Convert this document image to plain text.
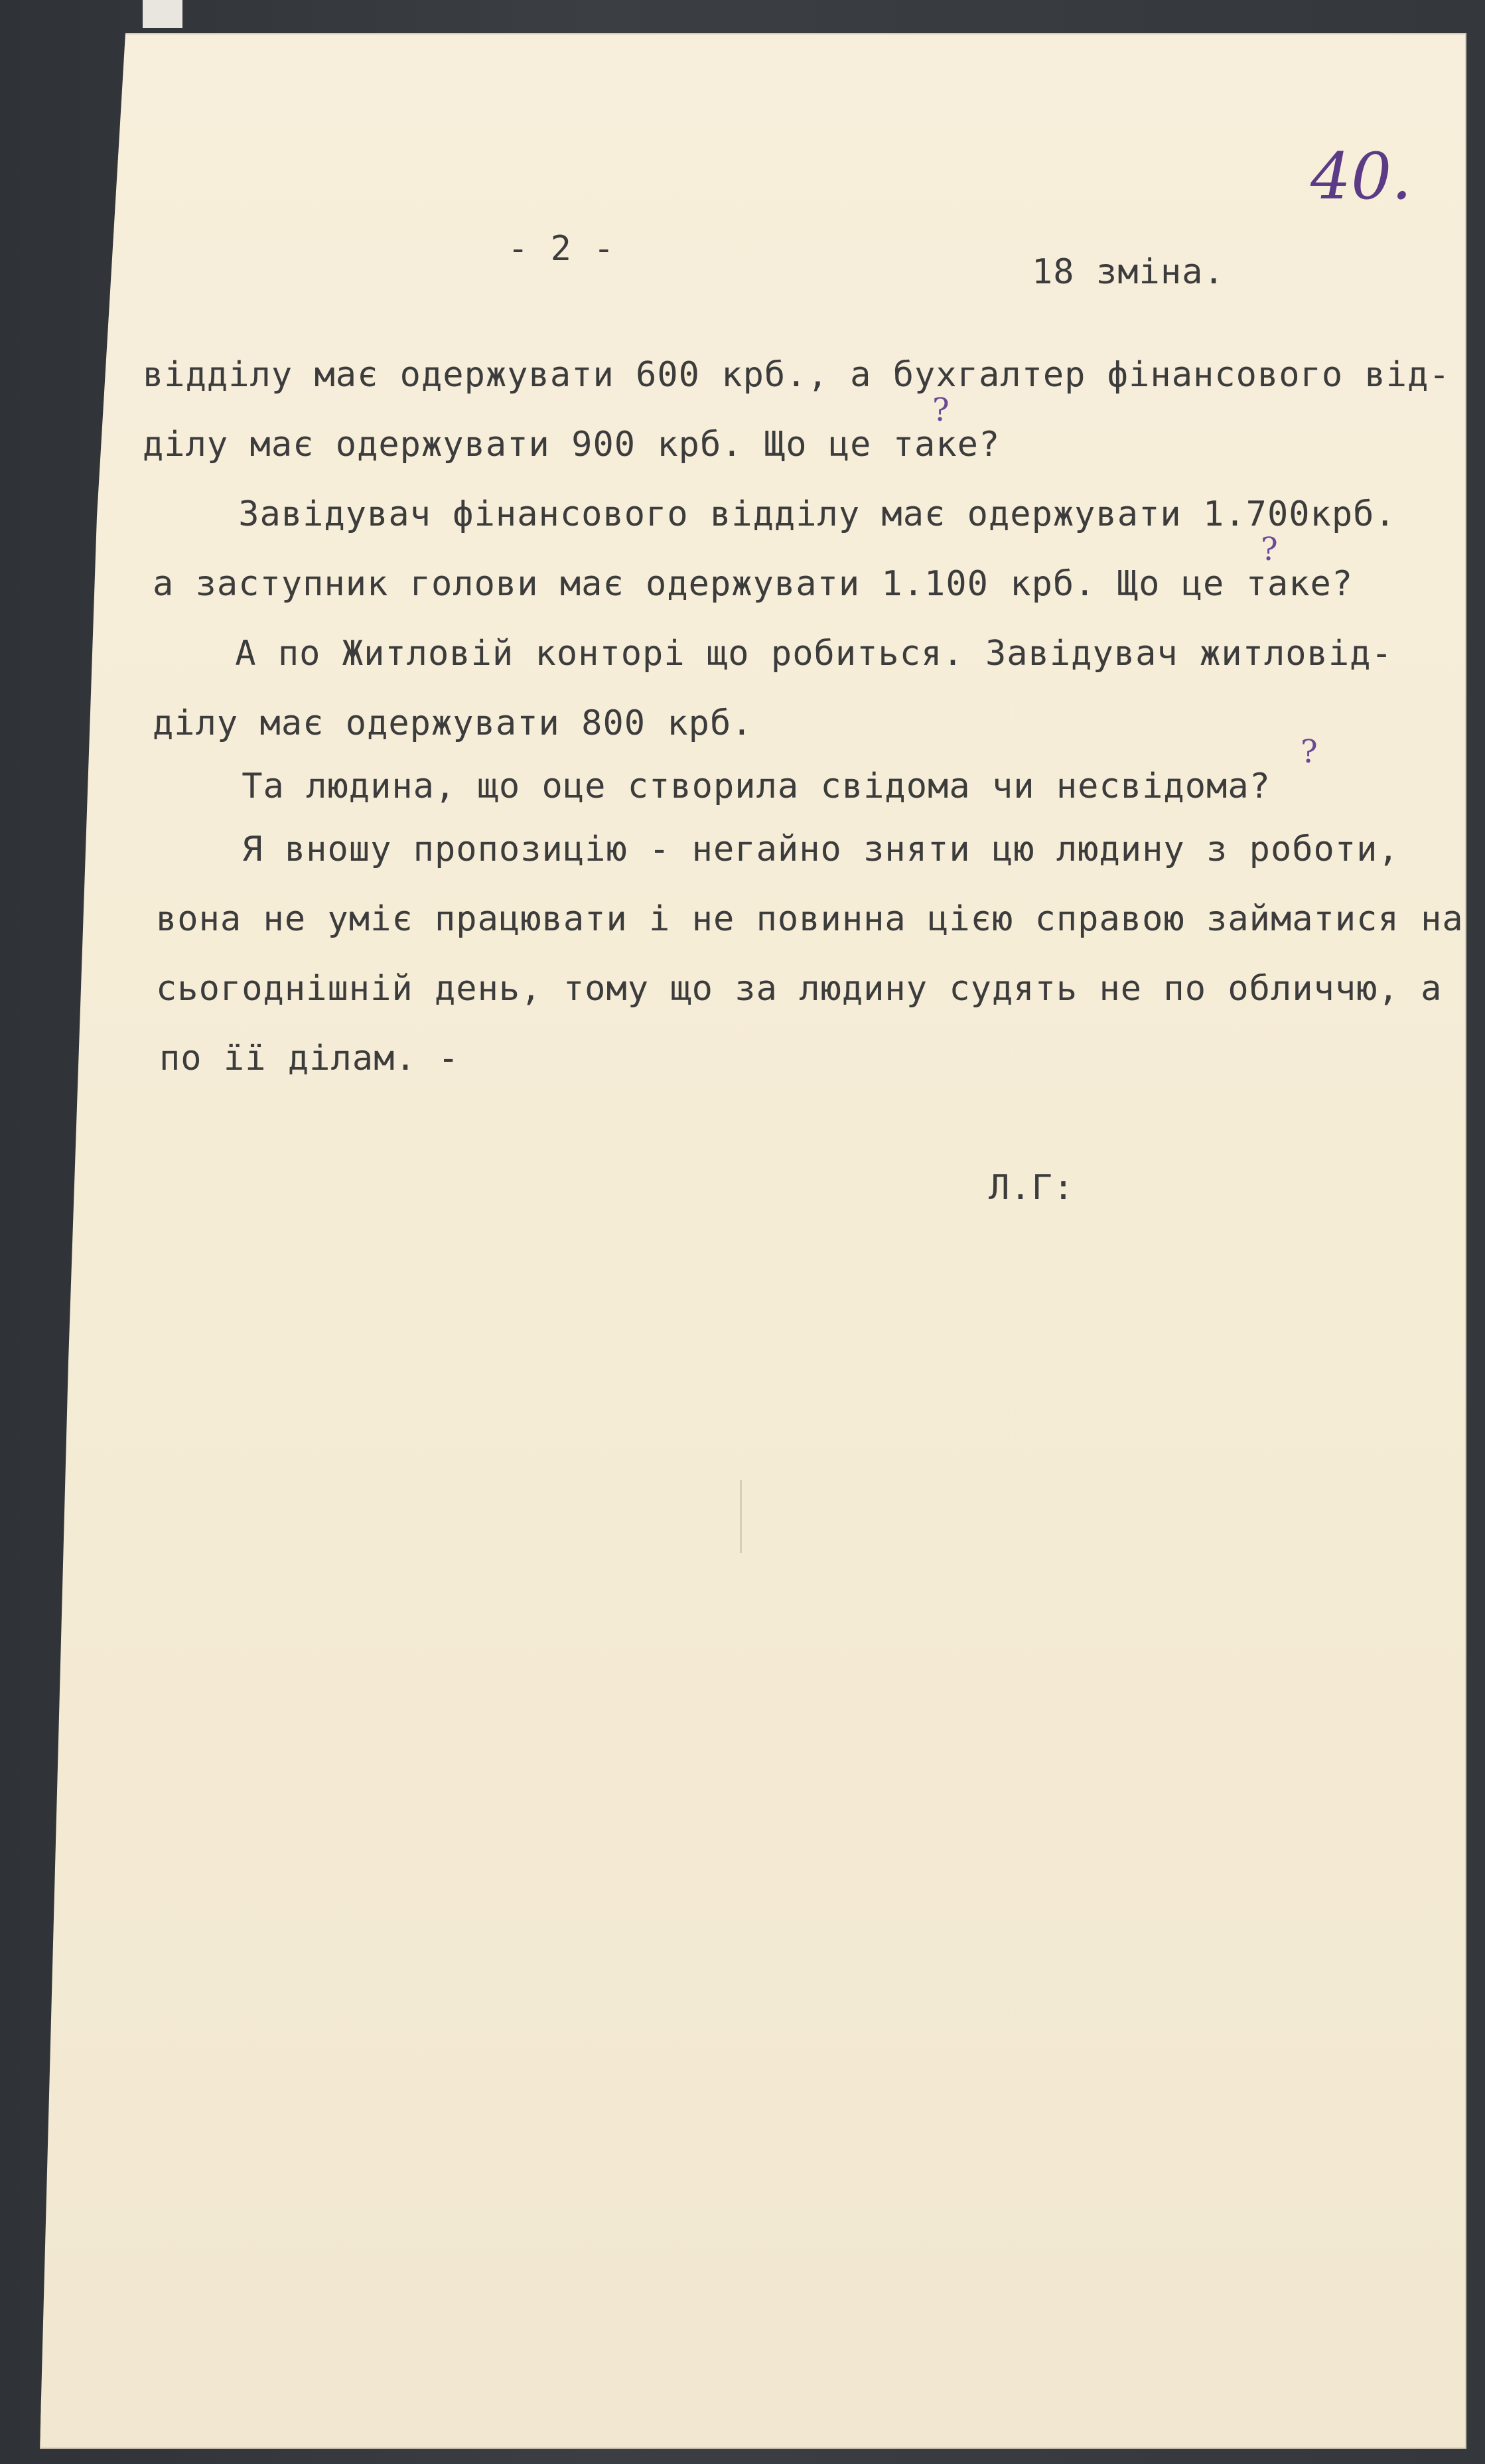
40.

- 2 -

18 зміна.

відділу має одержувати 600 крб., а бухгалтер фінансового від-

ділу має одержувати 900 крб. Що це таке?

Завідувач фінансового відділу має одержувати 1.700крб.

а заступник голови має одержувати 1.100 крб. Що це таке?

А по Житловій конторі що робиться. Завідувач житловід-

ділу має одержувати 800 крб.

Та людина, що оце створила свідома чи несвідома?

Я вношу пропозицію - негайно зняти цю людину з роботи,

вона не уміє працювати і не повинна цією справою займатися на

сьогоднішній день, тому що за людину судять не по обличчю, а

по її ділам. -

Л.Г:

?

?

?
